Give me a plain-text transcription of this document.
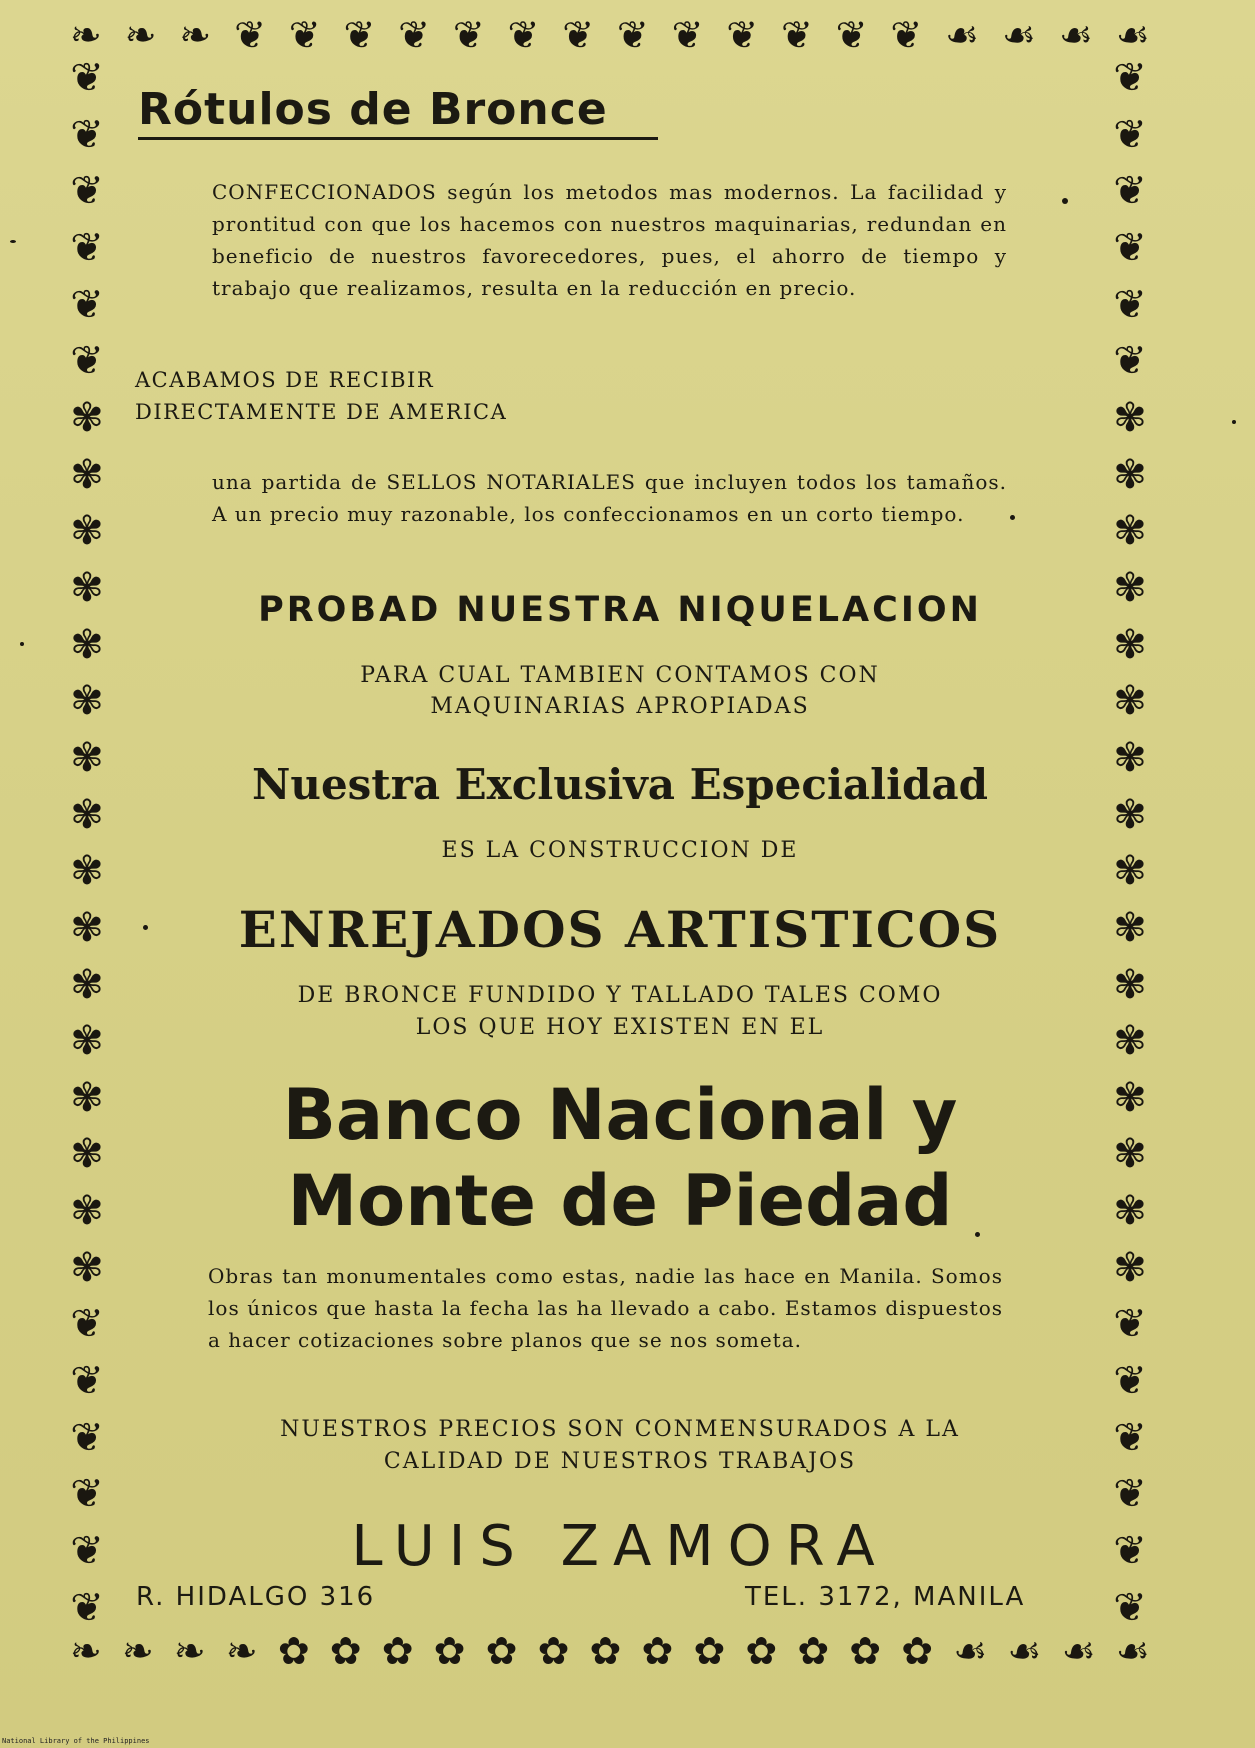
❧ ❧ ❧ ❦ ❦ ❦ ❦ ❦ ❦ ❦ ❦ ❦ ❦ ❦ ❦ ❦ ☙ ☙ ☙ ☙
❧ ❧ ❧ ❧ ✿ ✿ ✿ ✿ ✿ ✿ ✿ ✿ ✿ ✿ ✿ ✿ ✿ ☙ ☙ ☙ ☙
❦
❦
❦
❦
❦
❦
✾
✾
✾
✾
✾
✾
✾
✾
✾
✾
✾
✾
✾
✾
✾
✾
❦
❦
❦
❦
❦
❦
❦
❦
❦
❦
❦
❦
✾
✾
✾
✾
✾
✾
✾
✾
✾
✾
✾
✾
✾
✾
✾
✾
❦
❦
❦
❦
❦
❦
Rótulos de Bronce

CONFECCIONADOS según los metodos mas modernos. La facilidad y prontitud con que los hacemos con nuestros maquinarias, redundan en beneficio de nuestros favorecedores, pues, el ahorro de tiempo y trabajo que realizamos, resulta en la reducción en precio.

ACABAMOS DE RECIBIR
DIRECTAMENTE DE AMERICA

una partida de SELLOS NOTARIALES que incluyen todos los tamaños. A un precio muy razonable, los confeccionamos en un corto tiempo.

PROBAD NUESTRA NIQUELACION
PARA CUAL TAMBIEN CONTAMOS CON
MAQUINARIAS APROPIADAS
Nuestra Exclusiva Especialidad
ES LA CONSTRUCCION DE
ENREJADOS ARTISTICOS
DE BRONCE FUNDIDO Y TALLADO TALES COMO
LOS QUE HOY EXISTEN EN EL
Banco Nacional y
Monte de Piedad

Obras tan monumentales como estas, nadie las hace en Manila. Somos los únicos que hasta la fecha las ha llevado a cabo. Estamos dispuestos a hacer cotizaciones sobre planos que se nos someta.

NUESTROS PRECIOS SON CONMENSURADOS A LA
CALIDAD DE NUESTROS TRABAJOS
LUIS ZAMORA
R. HIDALGO 316	TEL. 3172, MANILA
National Library of the Philippines
